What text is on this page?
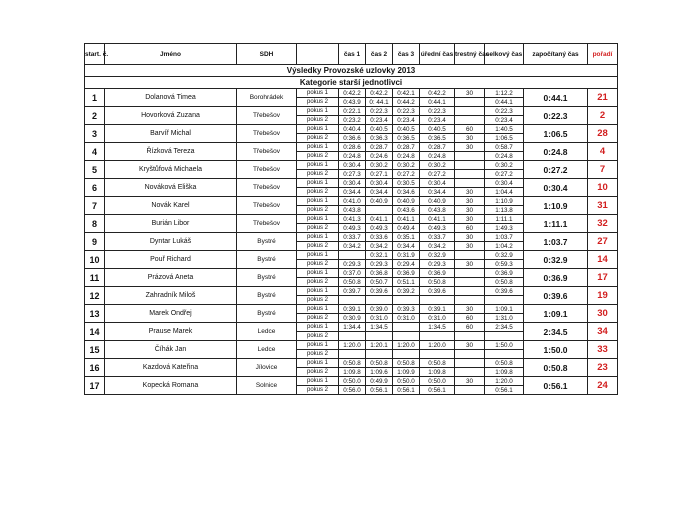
Výsledky Provozské uzlovky 2013											
Kategorie starší jednotlivci											
start. č.	Jméno	SDH		čas 1	čas 2	čas 3	úřední čas	trestný čas	celkový čas	započítaný čas	pořadí
1	Dolanová Timea	Borohrádek	pokus 1	0:42.2	0:42.2	0:42.1	0:42.2	30	1:12.2	0:44.1	21
			pokus 2	0:43.9	0: 44.1	0:44.2	0:44.1		0:44.1		
2	Hovorková Zuzana	Třebešov	pokus 1	0:22.1	0:22.3	0:22.3	0:22.3		0:22.3	0:22.3	2
			pokus 2	0:23.2	0:23.4	0:23.4	0:23.4		0:23.4		
3	Barvíř Michal	Třebešov	pokus 1	0:40.4	0:40.5	0:40.5	0:40.5	60	1:40.5	1:06.5	28
			pokus 2	0:36.6	0:36.3	0:36.5	0:36.5	30	1:06.5		
4	Řízková Tereza	Třebešov	pokus 1	0:28.6	0:28.7	0:28.7	0:28.7	30	0:58.7	0:24.8	4
			pokus 2	0:24.8	0:24.6	0:24.8	0:24.8		0:24.8		
5	Kryštůfová Michaela	Třebešov	pokus 1	0:30.4	0:30.2	0:30.2	0:30.2		0:30.2	0:27.2	7
			pokus 2	0:27.3	0:27.1	0:27.2	0:27.2		0:27.2		
6	Nováková Eliška	Třebešov	pokus 1	0:30.4	0:30.4	0:30.5	0:30.4		0:30.4	0:30.4	10
			pokus 2	0:34.4	0:34.4	0:34.6	0:34.4	30	1:04.4		
7	Novák Karel	Třebešov	pokus 1	0:41.0	0:40.9	0:40.9	0:40.9	30	1:10.9	1:10.9	31
			pokus 2	0:43.8		0:43.6	0:43.8	30	1:13.8		
8	Burián Libor	Třebešov	pokus 1	0:41.3	0:41.1	0:41.1	0:41.1	30	1:11.1	1:11.1	32
			pokus 2	0:49.3	0:49.3	0:49.4	0:49.3	60	1:49.3		
9	Dyntar Lukáš	Bystré	pokus 1	0:33.7	0:33.6	0:35.1	0:33.7	30	1:03.7	1:03.7	27
			pokus 2	0:34.2	0:34.2	0:34.4	0:34.2	30	1:04.2		
10	Pouř Richard	Bystré	pokus 1		0:32.1	0:31.9	0:32.9		0:32.9	0:32.9	14
			pokus 2	0:29.3	0:29.3	0:29.4	0:29.3	30	0:59.3		
11	Prázová Aneta	Bystré	pokus 1	0:37.0	0:36.8	0:36.9	0:36.9		0:36.9	0:36.9	17
			pokus 2	0:50.8	0:50.7	0:51.1	0:50.8		0:50.8		
12	Zahradník Miloš	Bystré	pokus 1	0:39.7	0:39.6	0:39.2	0:39.6		0:39.6	0:39.6	19
			pokus 2								
13	Marek Ondřej	Bystré	pokus 1	0:39.1	0:39.0	0:39.3	0:39.1	30	1:09.1	1:09.1	30
			pokus 2	0:30.9	0:31.0	0:31.0	0:31.0	60	1:31.0		
14	Prause Marek	Ledce	pokus 1	1:34.4	1:34.5		1:34.5	60	2:34.5	2:34.5	34
			pokus 2								
15	Číhák Jan	Ledce	pokus 1	1:20.0	1:20.1	1:20.0	1:20.0	30	1:50.0	1:50.0	33
			pokus 2								
16	Kazdová Kateřina	Jílovice	pokus 1	0:50.8	0:50.8	0:50.8	0:50.8		0:50.8	0:50.8	23
			pokus 2	1:09.8	1:09.6	1:09.9	1:09.8		1:09.8		
17	Kopecká Romana	Solnice	pokus 1	0:50.0	0:49.9	0:50.0	0:50.0	30	1:20.0	0:56.1	24
			pokus 2	0:56.0	0:56.1	0:56.1	0:56.1		0:56.1		
